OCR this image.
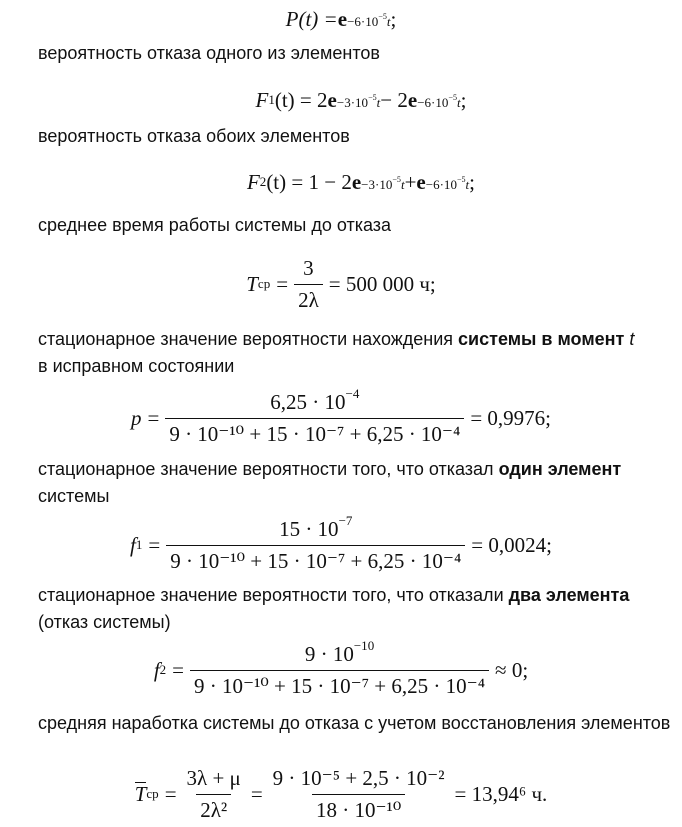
$P(t) = e -6\cdot 10^{-5}t$ ;
вероятность отказа одного из элементов
F 1 (t) = 2 $e -3\cdot 10^{-5}t - 2$ $e -6\cdot 10^{-5}t$ ;
вероятность отказа обоих элементов
F 2 (t) = 1 − 2 $e -3\cdot 10^{-5}t + e -6\cdot 10^{-5}t$ ;
среднее время работы системы до отказа
T ср = $\frac{3}{2\lambda} = 500$ 000 ч;
стационарное значение вероятности нахождения системы в момент t
в исправном состоянии
$p = \frac{6,25 \cdot 10^{-4}}{\text{9 · 10⁻¹⁰ + 15 · 10⁻⁷ + 6,25 · 10⁻⁴}} = 0,9976$;
стационарное значение вероятности того, что отказал один элемент
системы
f $1 = \frac{15 \cdot 10^{-7}}{\text{9 · 10⁻¹⁰ + 15 · 10⁻⁷ + 6,25 · 10⁻⁴}} = 0,0024$;
стационарное значение вероятности того, что отказали два элемента
(отказ системы)
f $2 = \frac{9 \cdot 10^{-10}}{\text{9 · 10⁻¹⁰ + 15 · 10⁻⁷ + 6,25 · 10⁻⁴}} \approx 0$;
средняя наработка системы до отказа с учетом восстановления элементов
T ср = $\frac{3\lambda + \mu}{\text{2λ²}} = \frac{\text{9 · 10⁻⁵ + 2,5 · 10⁻²}}{\text{18 · 10⁻¹⁰}} = 13,94^6$ ч.
